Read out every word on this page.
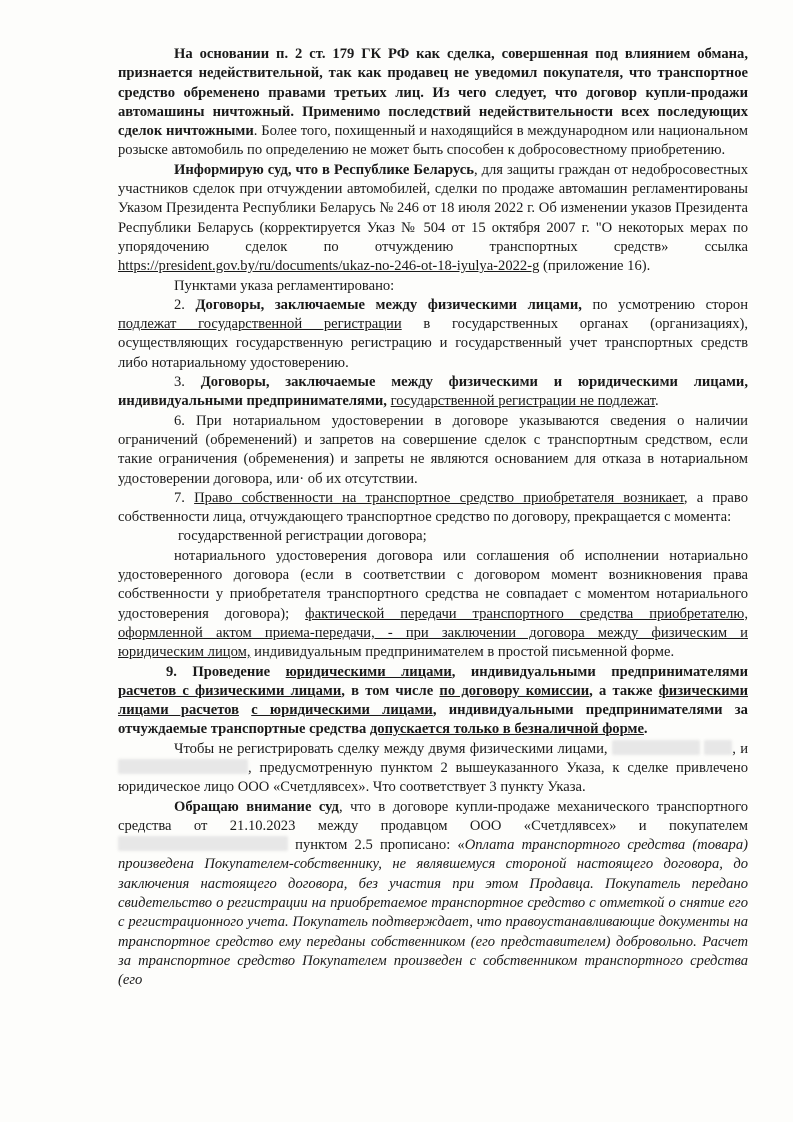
На основании п. 2 ст. 179 ГК РФ как сделка, совершенная под влиянием обмана, признается недействительной, так как продавец не уведомил покупателя, что транспортное средство обременено правами третьих лиц. Из чего следует, что договор купли-продажи автомашины ничтожный. Применимо последствий недействительности всех последующих сделок ничтожными. Более того, похищенный и находящийся в международном или национальном розыске автомобиль по определению не может быть способен к добросовестному приобретению.

Информирую суд, что в Республике Беларусь, для защиты граждан от недобросовестных участников сделок при отчуждении автомобилей, сделки по продаже автомашин регламентированы Указом Президента Республики Беларусь № 246 от 18 июля 2022 г. Об изменении указов Президента Республики Беларусь (корректируется Указ № 504 от 15 октября 2007 г. "О некоторых мерах по упорядочению сделок по отчуждению транспортных средств» ссылка https://president.gov.by/ru/documents/ukaz-no-246-ot-18-iyulya-2022-g (приложение 16).

Пунктами указа регламентировано:

2. Договоры, заключаемые между физическими лицами, по усмотрению сторон подлежат государственной регистрации в государственных органах (организациях), осуществляющих государственную регистрацию и государственный учет транспортных средств либо нотариальному удостоверению.

3. Договоры, заключаемые между физическими и юридическими лицами, индивидуальными предпринимателями, государственной регистрации не подлежат.

6. При нотариальном удостоверении в договоре указываются сведения о наличии ограничений (обременений) и запретов на совершение сделок с транспортным средством, если такие ограничения (обременения) и запреты не являются основанием для отказа в нотариальном удостоверении договора, или· об их отсутствии.

7. Право собственности на транспортное средство приобретателя возникает, а право собственности лица, отчуждающего транспортное средство по договору, прекращается с момента:

государственной регистрации договора;

нотариального удостоверения договора или соглашения об исполнении нотариально удостоверенного договора (если в соответствии с договором момент возникновения права собственности у приобретателя транспортного средства не совпадает с моментом нотариального удостоверения договора); фактической передачи транспортного средства приобретателю, оформленной актом приема-передачи, - при заключении договора между физическим и юридическим лицом, индивидуальным предпринимателем в простой письменной форме.

9. Проведение юридическими лицами, индивидуальными предпринимателями расчетов с физическими лицами, в том числе по договору комиссии, а также физическими лицами расчетов с юридическими лицами, индивидуальными предпринимателями за отчуждаемые транспортные средства допускается только в безналичной форме.

Чтобы не регистрировать сделку между двумя физическими лицами,	, и , предусмотренную пунктом 2 вышеуказанного Указа, к сделке привлечено юридическое лицо ООО «Счетдлявсех». Что соответствует 3 пункту Указа.

Обращаю внимание суд, что в договоре купли-продаже механического транспортного средства от 21.10.2023 между продавцом ООО «Счетдлявсех» и покупателем  пунктом 2.5 прописано: «Оплата транспортного средства (товара) произведена Покупателем-собственнику, не являвшемуся стороной настоящего договора, до заключения настоящего договора, без участия при этом Продавца. Покупатель передано свидетельство о регистрации на приобретаемое транспортное средство с отметкой о снятие его с регистрационного учета. Покупатель подтверждает, что правоустанавливающие документы на транспортное средство ему переданы собственником (его представителем) добровольно. Расчет за транспортное средство Покупателем произведен с собственником транспортного средства (его
